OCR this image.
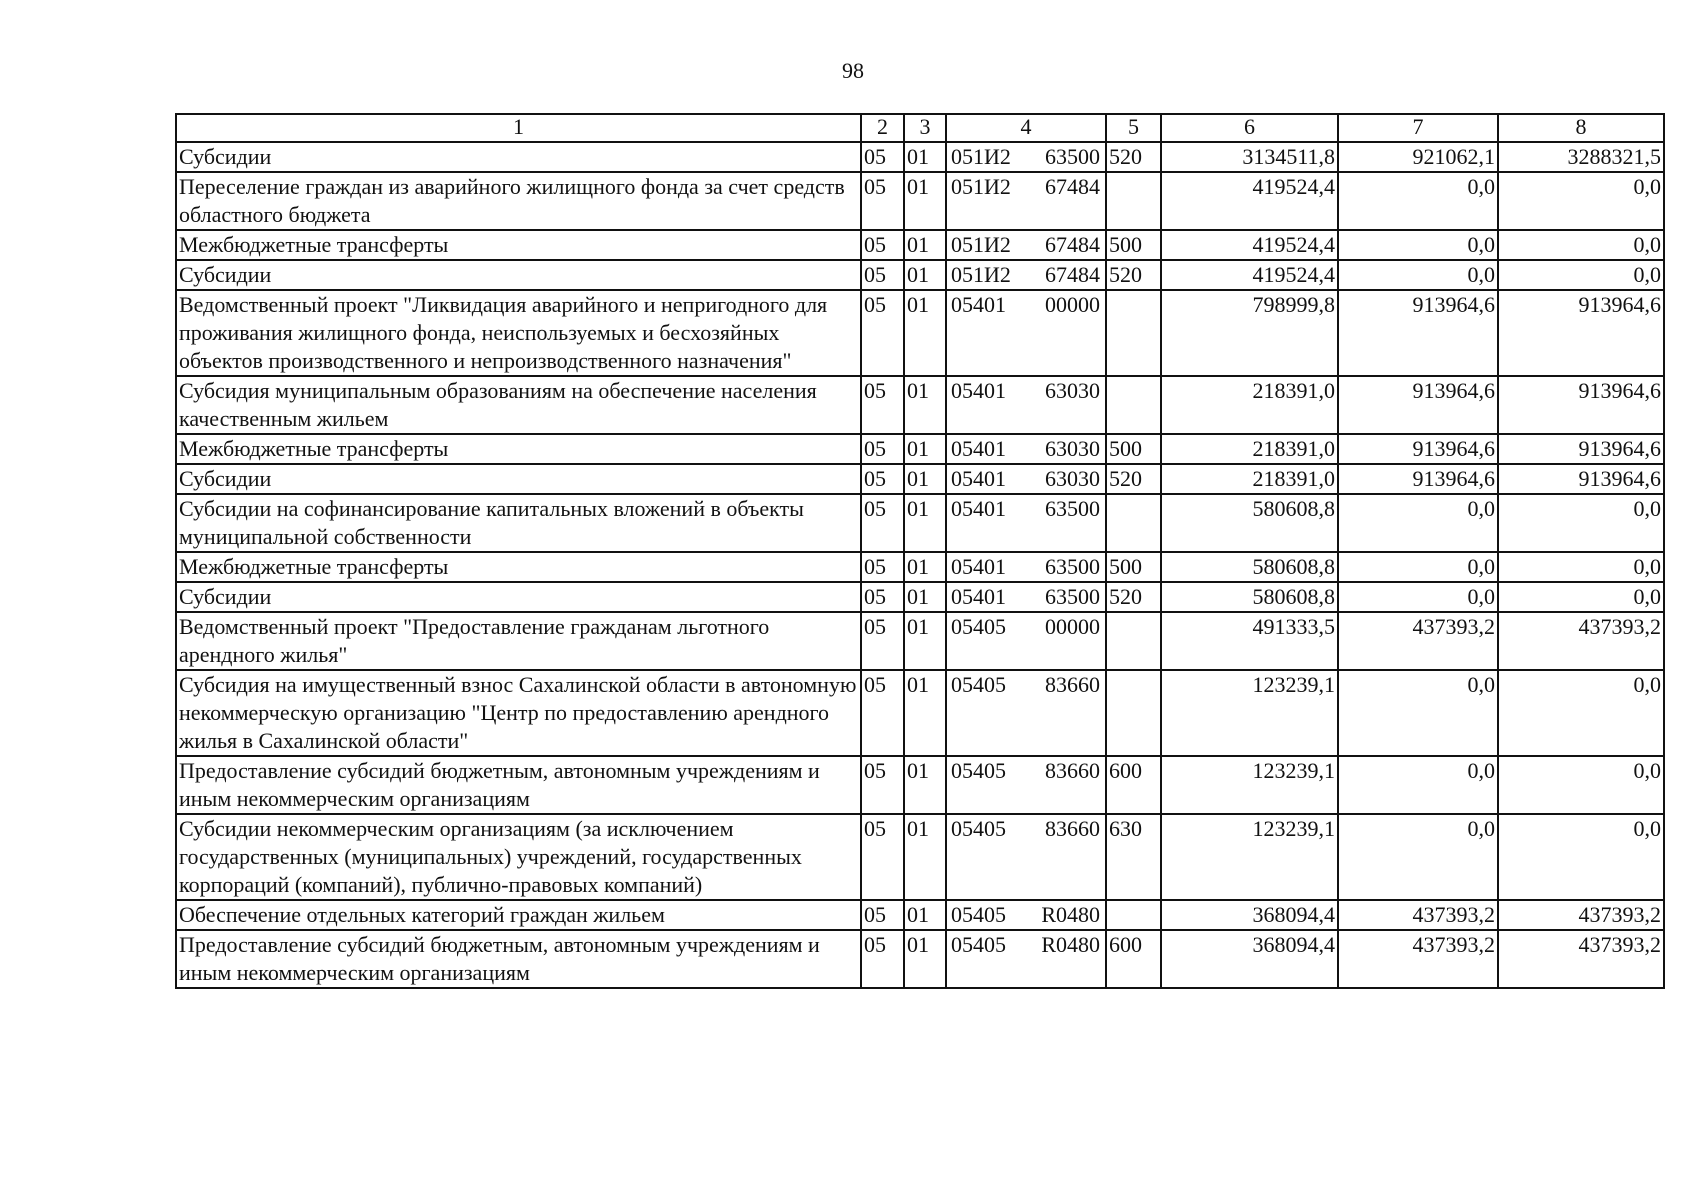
98
1	2	3	4	5	6	7	8
Субсидии	05	01	051И2 63500	520	3134511,8	921062,1	3288321,5
Переселение граждан из аварийного жилищного фонда за счет средств областного бюджета	05	01	051И2 67484		419524,4	0,0	0,0
Межбюджетные трансферты	05	01	051И2 67484	500	419524,4	0,0	0,0
Субсидии	05	01	051И2 67484	520	419524,4	0,0	0,0
Ведомственный проект "Ликвидация аварийного и непригодного для проживания жилищного фонда, неиспользуемых и бесхозяйных объектов производственного и непроизводственного назначения"	05	01	05401 00000		798999,8	913964,6	913964,6
Субсидия муниципальным образованиям на обеспечение населения качественным жильем	05	01	05401 63030		218391,0	913964,6	913964,6
Межбюджетные трансферты	05	01	05401 63030	500	218391,0	913964,6	913964,6
Субсидии	05	01	05401 63030	520	218391,0	913964,6	913964,6
Субсидии на софинансирование капитальных вложений в объекты муниципальной собственности	05	01	05401 63500		580608,8	0,0	0,0
Межбюджетные трансферты	05	01	05401 63500	500	580608,8	0,0	0,0
Субсидии	05	01	05401 63500	520	580608,8	0,0	0,0
Ведомственный проект "Предоставление гражданам льготного арендного жилья"	05	01	05405 00000		491333,5	437393,2	437393,2
Субсидия на имущественный взнос Сахалинской области в автономную некоммерческую организацию "Центр по предоставлению арендного жилья в Сахалинской области"	05	01	05405 83660		123239,1	0,0	0,0
Предоставление субсидий бюджетным, автономным учреждениям и иным некоммерческим организациям	05	01	05405 83660	600	123239,1	0,0	0,0
Субсидии некоммерческим организациям (за исключением государственных (муниципальных) учреждений, государственных корпораций (компаний), публично-правовых компаний)	05	01	05405 83660	630	123239,1	0,0	0,0
Обеспечение отдельных категорий граждан жильем	05	01	05405 R0480		368094,4	437393,2	437393,2
Предоставление субсидий бюджетным, автономным учреждениям и иным некоммерческим организациям	05	01	05405 R0480	600	368094,4	437393,2	437393,2
